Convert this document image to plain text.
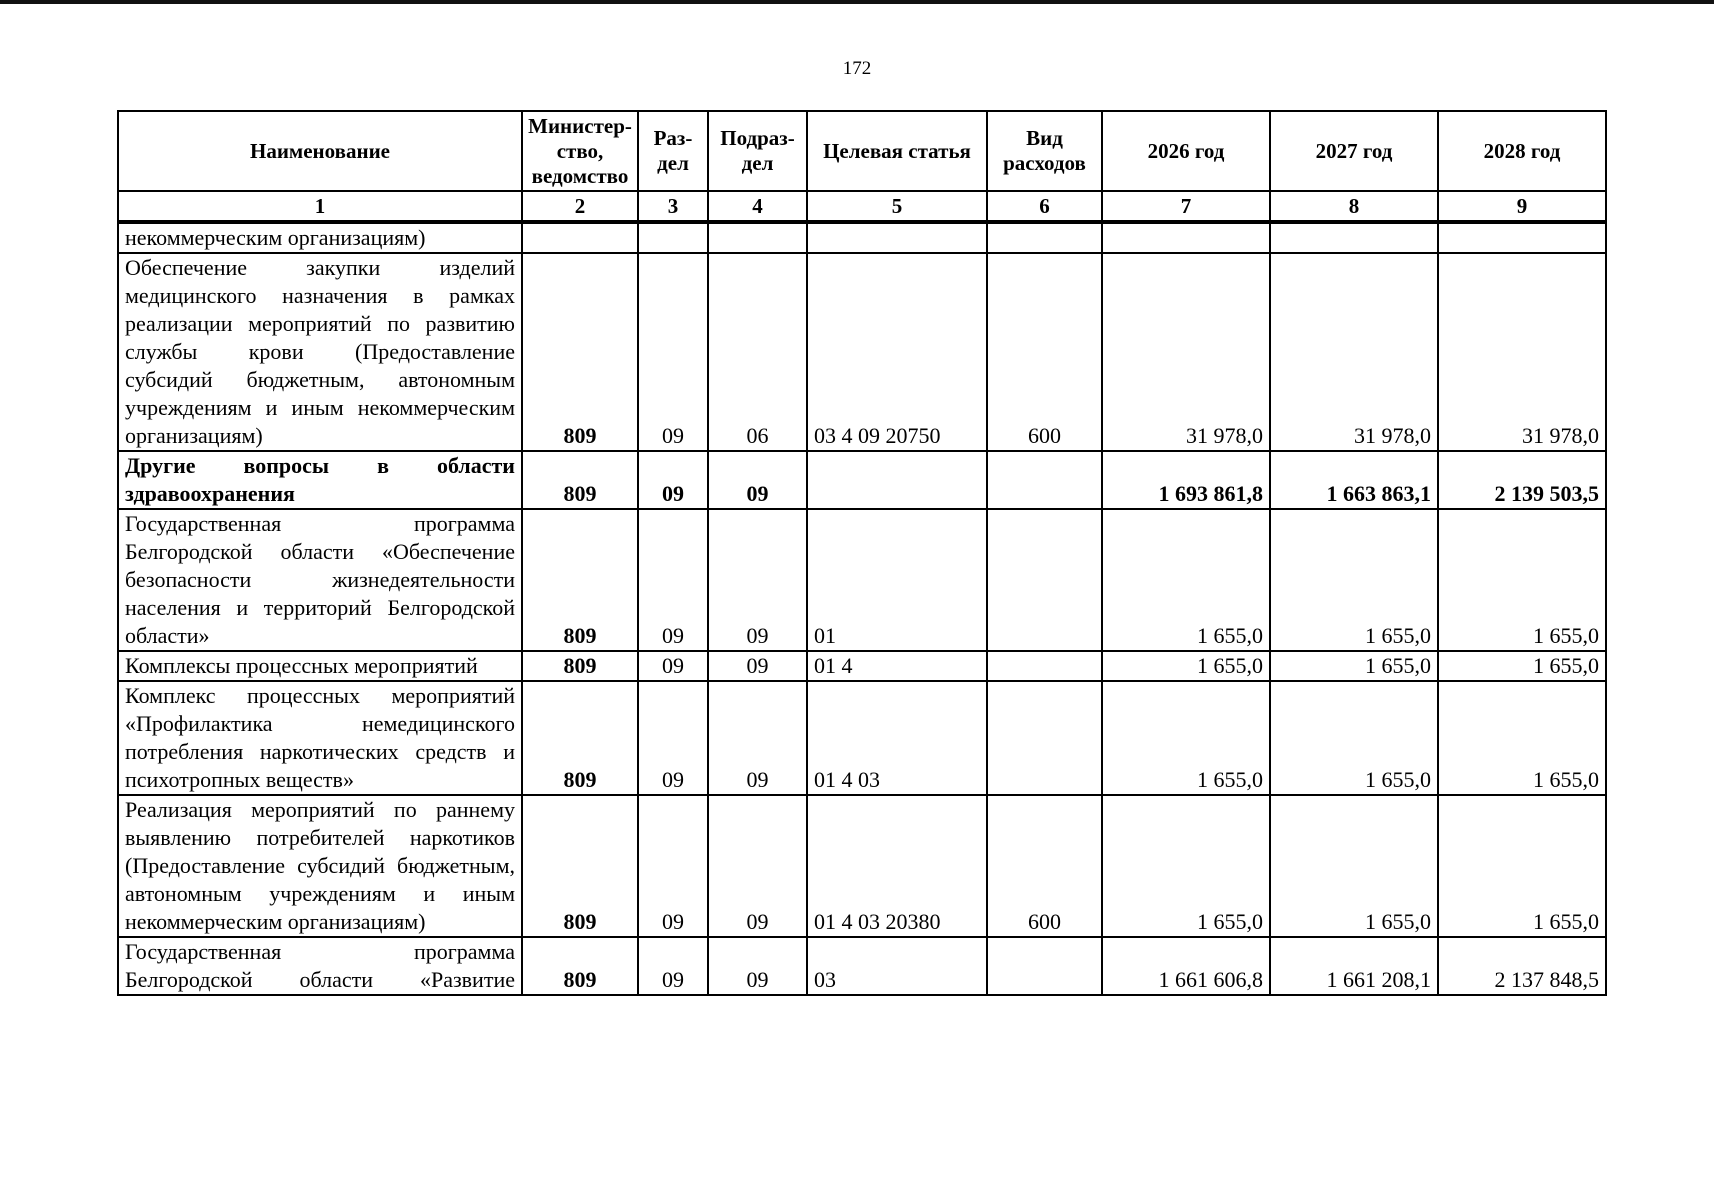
172
Наименование	Министер-ство, ведомство	Раз-дел	Подраз-дел	Целевая статья	Вид расходов	2026 год	2027 год	2028 год
1	2	3	4	5	6	7	8	9
некоммерческим организациям)								
Обеспечение закупки изделий медицинского назначения в рамках реализации мероприятий по развитию службы крови (Предоставление субсидий бюджетным, автономным учреждениям и иным некоммерческим организациям)	809	09	06	03 4 09 20750	600	31 978,0	31 978,0	31 978,0
Другие вопросы в области здравоохранения	809	09	09			1 693 861,8	1 663 863,1	2 139 503,5
Государственная программа Белгородской области «Обеспечение безопасности жизнедеятельности населения и территорий Белгородской области»	809	09	09	01		1 655,0	1 655,0	1 655,0
Комплексы процессных мероприятий	809	09	09	01 4		1 655,0	1 655,0	1 655,0
Комплекс процессных мероприятий «Профилактика немедицинского потребления наркотических средств и психотропных веществ»	809	09	09	01 4 03		1 655,0	1 655,0	1 655,0
Реализация мероприятий по раннему выявлению потребителей наркотиков (Предоставление субсидий бюджетным, автономным учреждениям и иным некоммерческим организациям)	809	09	09	01 4 03 20380	600	1 655,0	1 655,0	1 655,0
Государственная программа Белгородской области «Развитие	809	09	09	03		1 661 606,8	1 661 208,1	2 137 848,5
